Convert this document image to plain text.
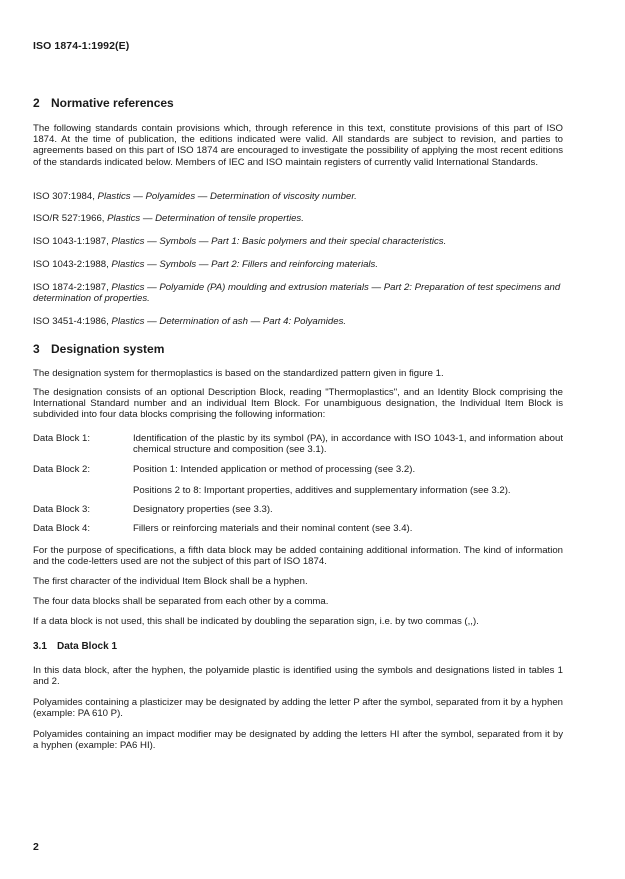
ISO 1874-1:1992(E)
2 Normative references
The following standards contain provisions which, through reference in this text, constitute provisions of this part of ISO 1874. At the time of publication, the editions indicated were valid. All standards are subject to revision, and parties to agreements based on this part of ISO 1874 are encouraged to investigate the possibility of applying the most recent editions of the standards indicated below. Members of IEC and ISO maintain registers of currently valid International Standards.
ISO 307:1984, Plastics — Polyamides — Determination of viscosity number.
ISO/R 527:1966, Plastics — Determination of tensile properties.
ISO 1043-1:1987, Plastics — Symbols — Part 1: Basic polymers and their special characteristics.
ISO 1043-2:1988, Plastics — Symbols — Part 2: Fillers and reinforcing materials.
ISO 1874-2:1987, Plastics — Polyamide (PA) moulding and extrusion materials — Part 2: Preparation of test specimens and determination of properties.
ISO 3451-4:1986, Plastics — Determination of ash — Part 4: Polyamides.
3 Designation system
The designation system for thermoplastics is based on the standardized pattern given in figure 1.
The designation consists of an optional Description Block, reading "Thermoplastics", and an Identity Block comprising the International Standard number and an individual Item Block. For unambiguous designation, the Individual Item Block is subdivided into four data blocks comprising the following information:
Data Block 1:	Identification of the plastic by its symbol (PA), in accordance with ISO 1043-1, and information about chemical structure and composition (see 3.1).
Data Block 2:	Position 1: Intended application or method of processing (see 3.2).
Positions 2 to 8: Important properties, additives and supplementary information (see 3.2).
Data Block 3:	Designatory properties (see 3.3).
Data Block 4:	Fillers or reinforcing materials and their nominal content (see 3.4).
For the purpose of specifications, a fifth data block may be added containing additional information. The kind of information and the code-letters used are not the subject of this part of ISO 1874.
The first character of the individual Item Block shall be a hyphen.
The four data blocks shall be separated from each other by a comma.
If a data block is not used, this shall be indicated by doubling the separation sign, i.e. by two commas (,,).
3.1 Data Block 1
In this data block, after the hyphen, the polyamide plastic is identified using the symbols and designations listed in tables 1 and 2.
Polyamides containing a plasticizer may be designated by adding the letter P after the symbol, separated from it by a hyphen (example: PA 610 P).
Polyamides containing an impact modifier may be designated by adding the letters HI after the symbol, separated from it by a hyphen (example: PA6 HI).
2
